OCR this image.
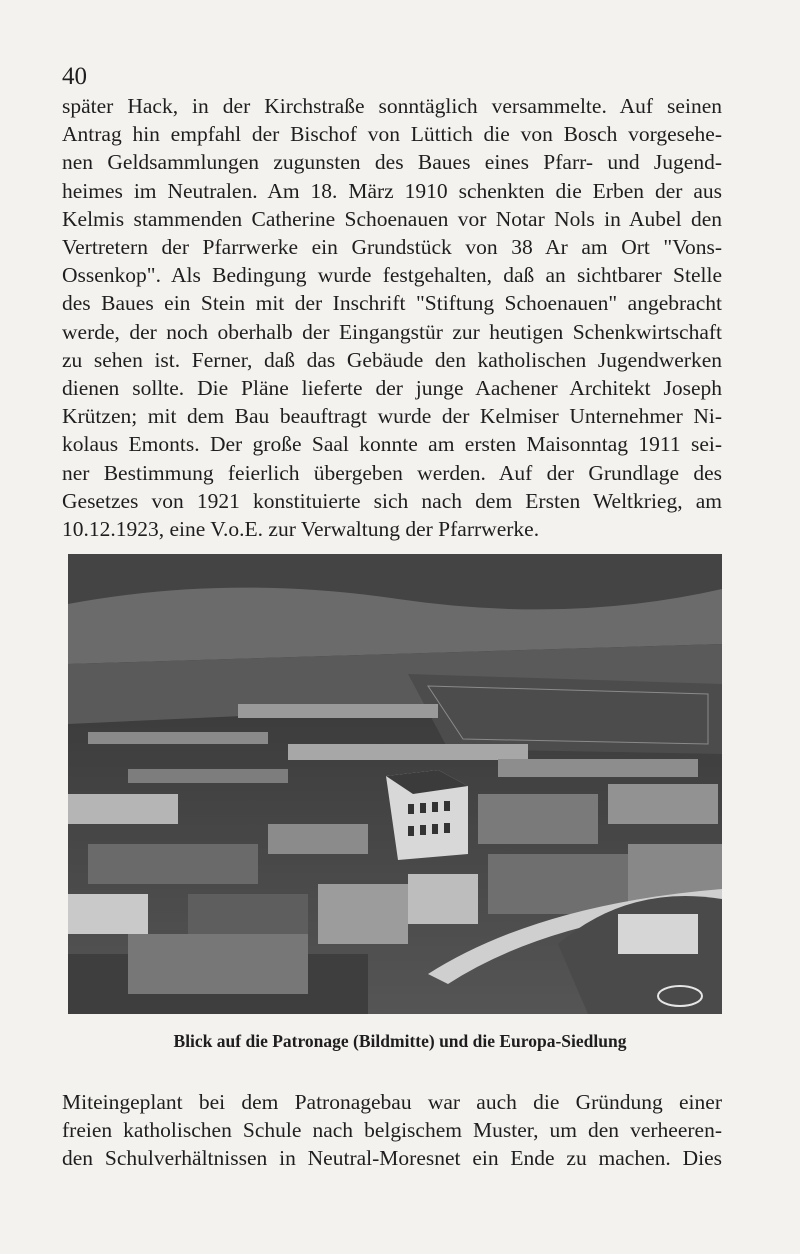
40

später Hack, in der Kirchstraße sonntäglich versammelte. Auf seinen
Antrag hin empfahl der Bischof von Lüttich die von Bosch vorgesehe-
nen Geldsammlungen zugunsten des Baues eines Pfarr- und Jugend-
heimes im Neutralen. Am 18. März 1910 schenkten die Erben der aus
Kelmis stammenden Catherine Schoenauen vor Notar Nols in Aubel den
Vertretern der Pfarrwerke ein Grundstück von 38 Ar am Ort "Vons-
Ossenkop". Als Bedingung wurde festgehalten, daß an sichtbarer Stelle
des Baues ein Stein mit der Inschrift "Stiftung Schoenauen" angebracht
werde, der noch oberhalb der Eingangstür zur heutigen Schenkwirtschaft
zu sehen ist. Ferner, daß das Gebäude den katholischen Jugendwerken
dienen sollte. Die Pläne lieferte der junge Aachener Architekt Joseph
Krützen; mit dem Bau beauftragt wurde der Kelmiser Unternehmer Ni-
kolaus Emonts. Der große Saal konnte am ersten Maisonntag 1911 sei-
ner Bestimmung feierlich übergeben werden. Auf der Grundlage des
Gesetzes von 1921 konstituierte sich nach dem Ersten Weltkrieg, am
10.12.1923, eine V.o.E. zur Verwaltung der Pfarrwerke.

Blick auf die Patronage (Bildmitte) und die Europa-Siedlung

Miteingeplant bei dem Patronagebau war auch die Gründung einer
freien katholischen Schule nach belgischem Muster, um den verheeren-
den Schulverhältnissen in Neutral-Moresnet ein Ende zu machen. Dies
